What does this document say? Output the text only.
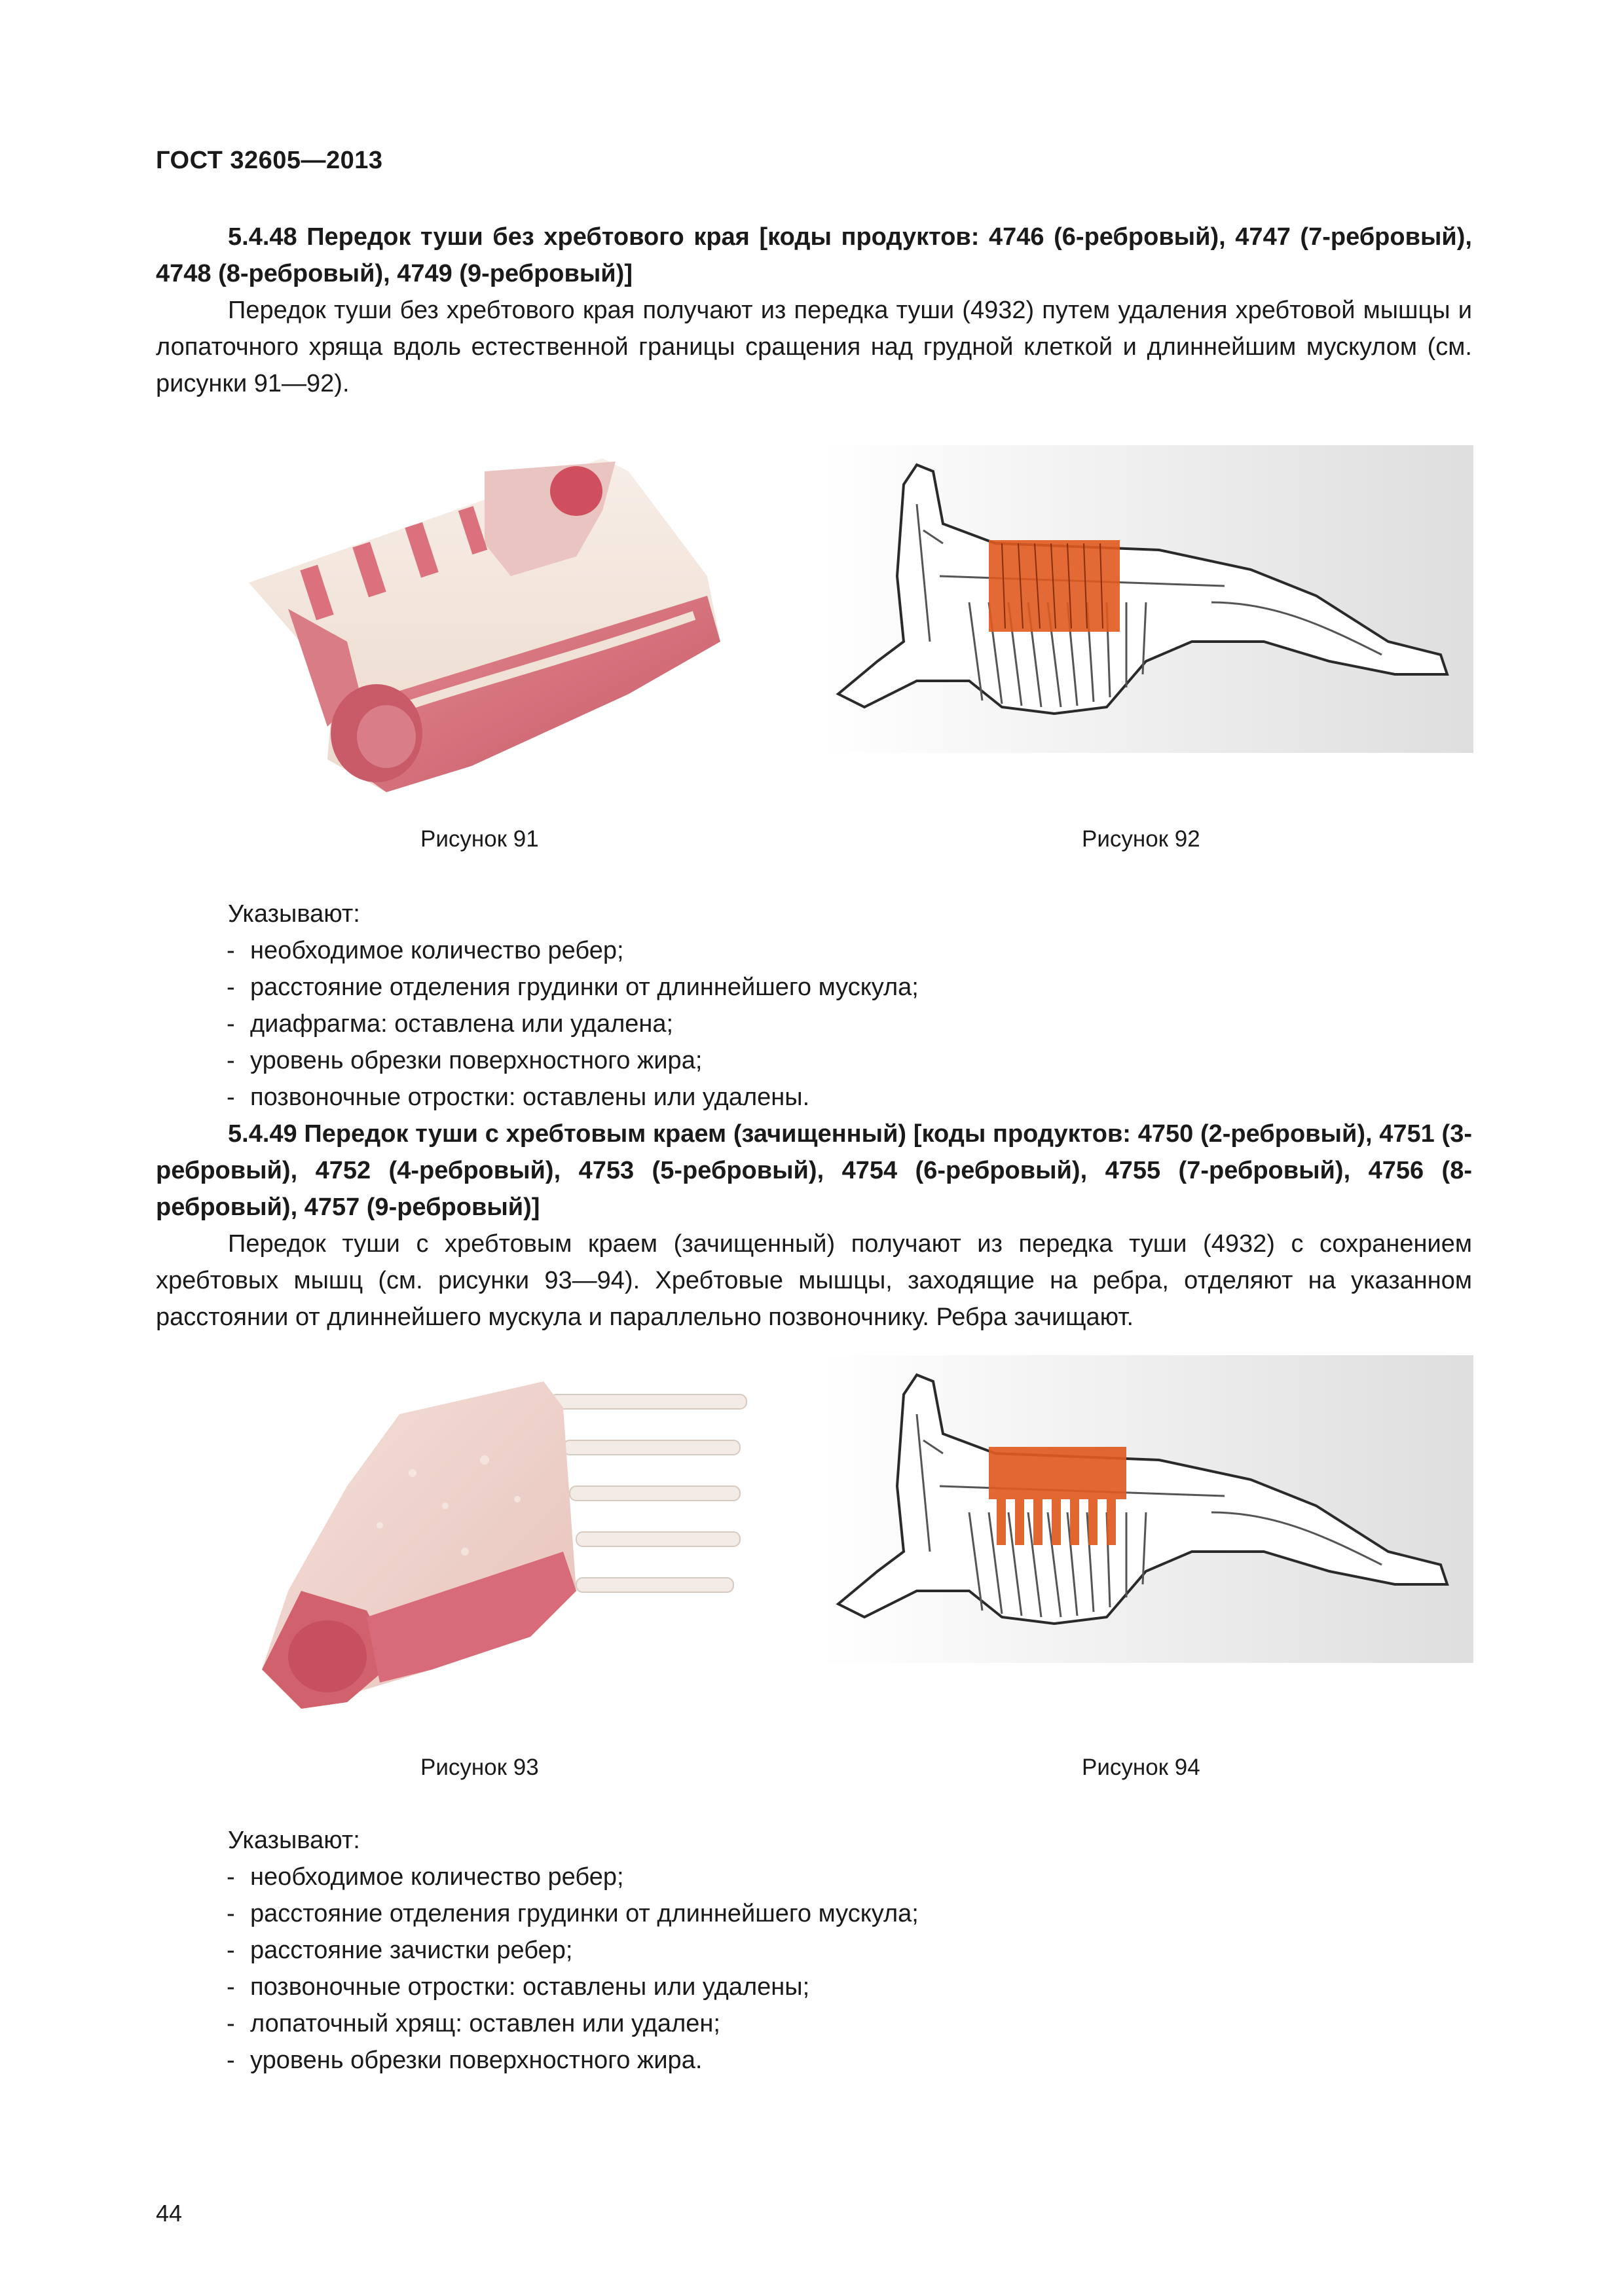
ГОСТ 32605—2013

5.4.48 Передок туши без хребтового края [коды продуктов: 4746 (6-ребровый), 4747 (7-ребровый), 4748 (8-ребровый), 4749 (9-ребровый)]

Передок туши без хребтового края получают из передка туши (4932) путем удаления хребтовой мышцы и лопаточного хряща вдоль естественной границы сращения над грудной клеткой и длиннейшим мускулом (см. рисунки 91—92).

Рисунок 91	Рисунок 92

Указывают:

- необходимое количество ребер;
- расстояние отделения грудинки от длиннейшего мускула;
- диафрагма: оставлена или удалена;
- уровень обрезки поверхностного жира;
- позвоночные отростки: оставлены или удалены.

5.4.49 Передок туши с хребтовым краем (зачищенный) [коды продуктов: 4750 (2-ребровый), 4751 (3-ребровый), 4752 (4-ребровый), 4753 (5-ребровый), 4754 (6-ребровый), 4755 (7-ребровый), 4756 (8-ребровый), 4757 (9-ребровый)]

Передок туши с хребтовым краем (зачищенный) получают из передка туши (4932) с сохранением хребтовых мышц (см. рисунки 93—94). Хребтовые мышцы, заходящие на ребра, отделяют на указанном расстоянии от длиннейшего мускула и параллельно позвоночнику. Ребра зачищают.

Рисунок 93	Рисунок 94

Указывают:

- необходимое количество ребер;
- расстояние отделения грудинки от длиннейшего мускула;
- расстояние зачистки ребер;
- позвоночные отростки: оставлены или удалены;
- лопаточный хрящ: оставлен или удален;
- уровень обрезки поверхностного жира.
44
